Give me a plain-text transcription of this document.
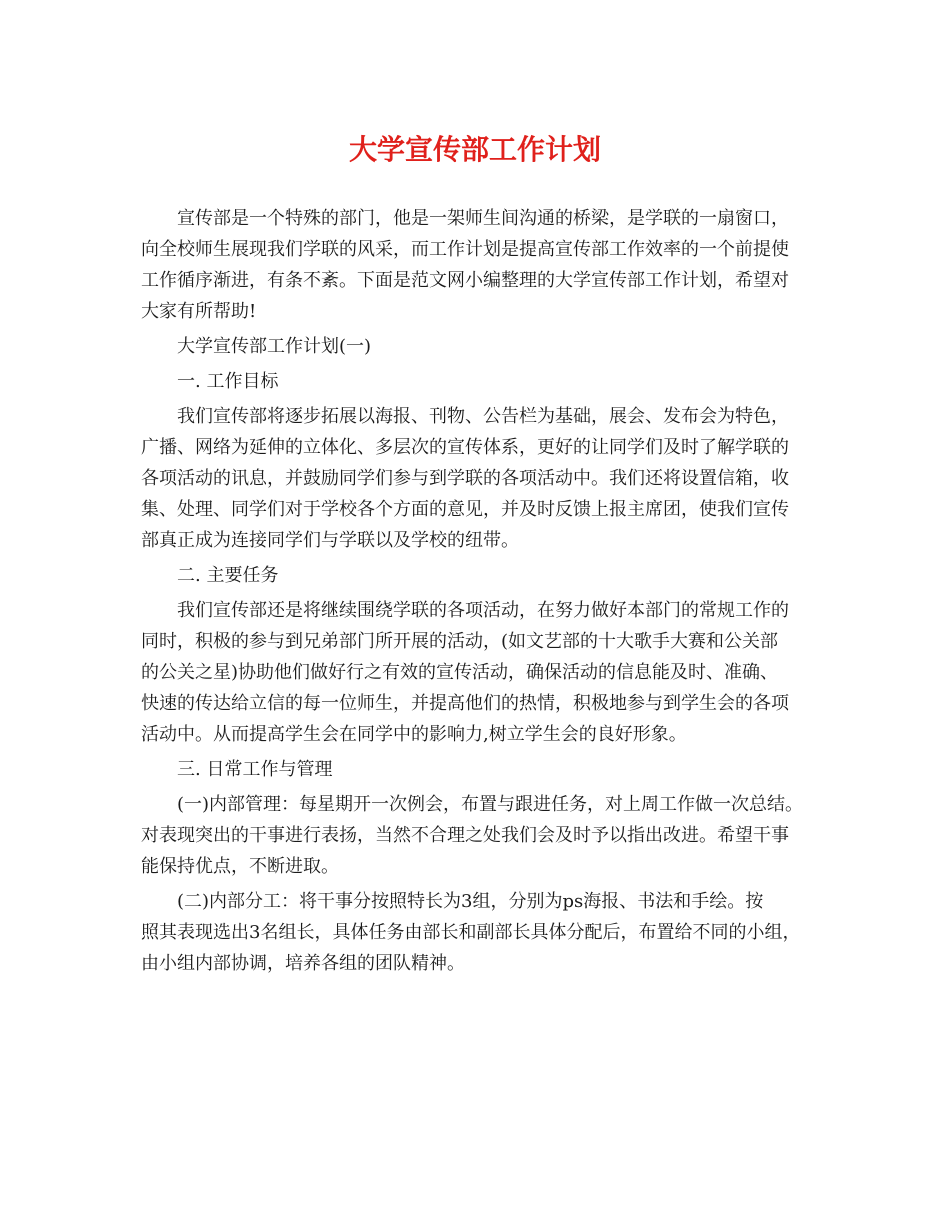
大学宣传部工作计划

宣传部是一个特殊的部门，他是一架师生间沟通的桥梁，是学联的一扇窗口，
向全校师生展现我们学联的风采，而工作计划是提高宣传部工作效率的一个前提使
工作循序渐进，有条不紊。下面是范文网小编整理的大学宣传部工作计划，希望对
大家有所帮助!

大学宣传部工作计划(一)

一. 工作目标

我们宣传部将逐步拓展以海报、刊物、公告栏为基础，展会、发布会为特色，
广播、网络为延伸的立体化、多层次的宣传体系，更好的让同学们及时了解学联的
各项活动的讯息，并鼓励同学们参与到学联的各项活动中。我们还将设置信箱，收
集、处理、同学们对于学校各个方面的意见，并及时反馈上报主席团，使我们宣传
部真正成为连接同学们与学联以及学校的纽带。

二. 主要任务

我们宣传部还是将继续围绕学联的各项活动，在努力做好本部门的常规工作的
同时，积极的参与到兄弟部门所开展的活动，(如文艺部的十大歌手大赛和公关部
的公关之星)协助他们做好行之有效的宣传活动，确保活动的信息能及时、准确、
快速的传达给立信的每一位师生，并提高他们的热情，积极地参与到学生会的各项
活动中。从而提高学生会在同学中的影响力,树立学生会的良好形象。

三. 日常工作与管理

(一)内部管理：每星期开一次例会，布置与跟进任务，对上周工作做一次总结。
对表现突出的干事进行表扬，当然不合理之处我们会及时予以指出改进。希望干事
能保持优点，不断进取。

(二)内部分工：将干事分按照特长为3组，分别为ps海报、书法和手绘。按
照其表现选出3名组长，具体任务由部长和副部长具体分配后，布置给不同的小组，
由小组内部协调，培养各组的团队精神。
